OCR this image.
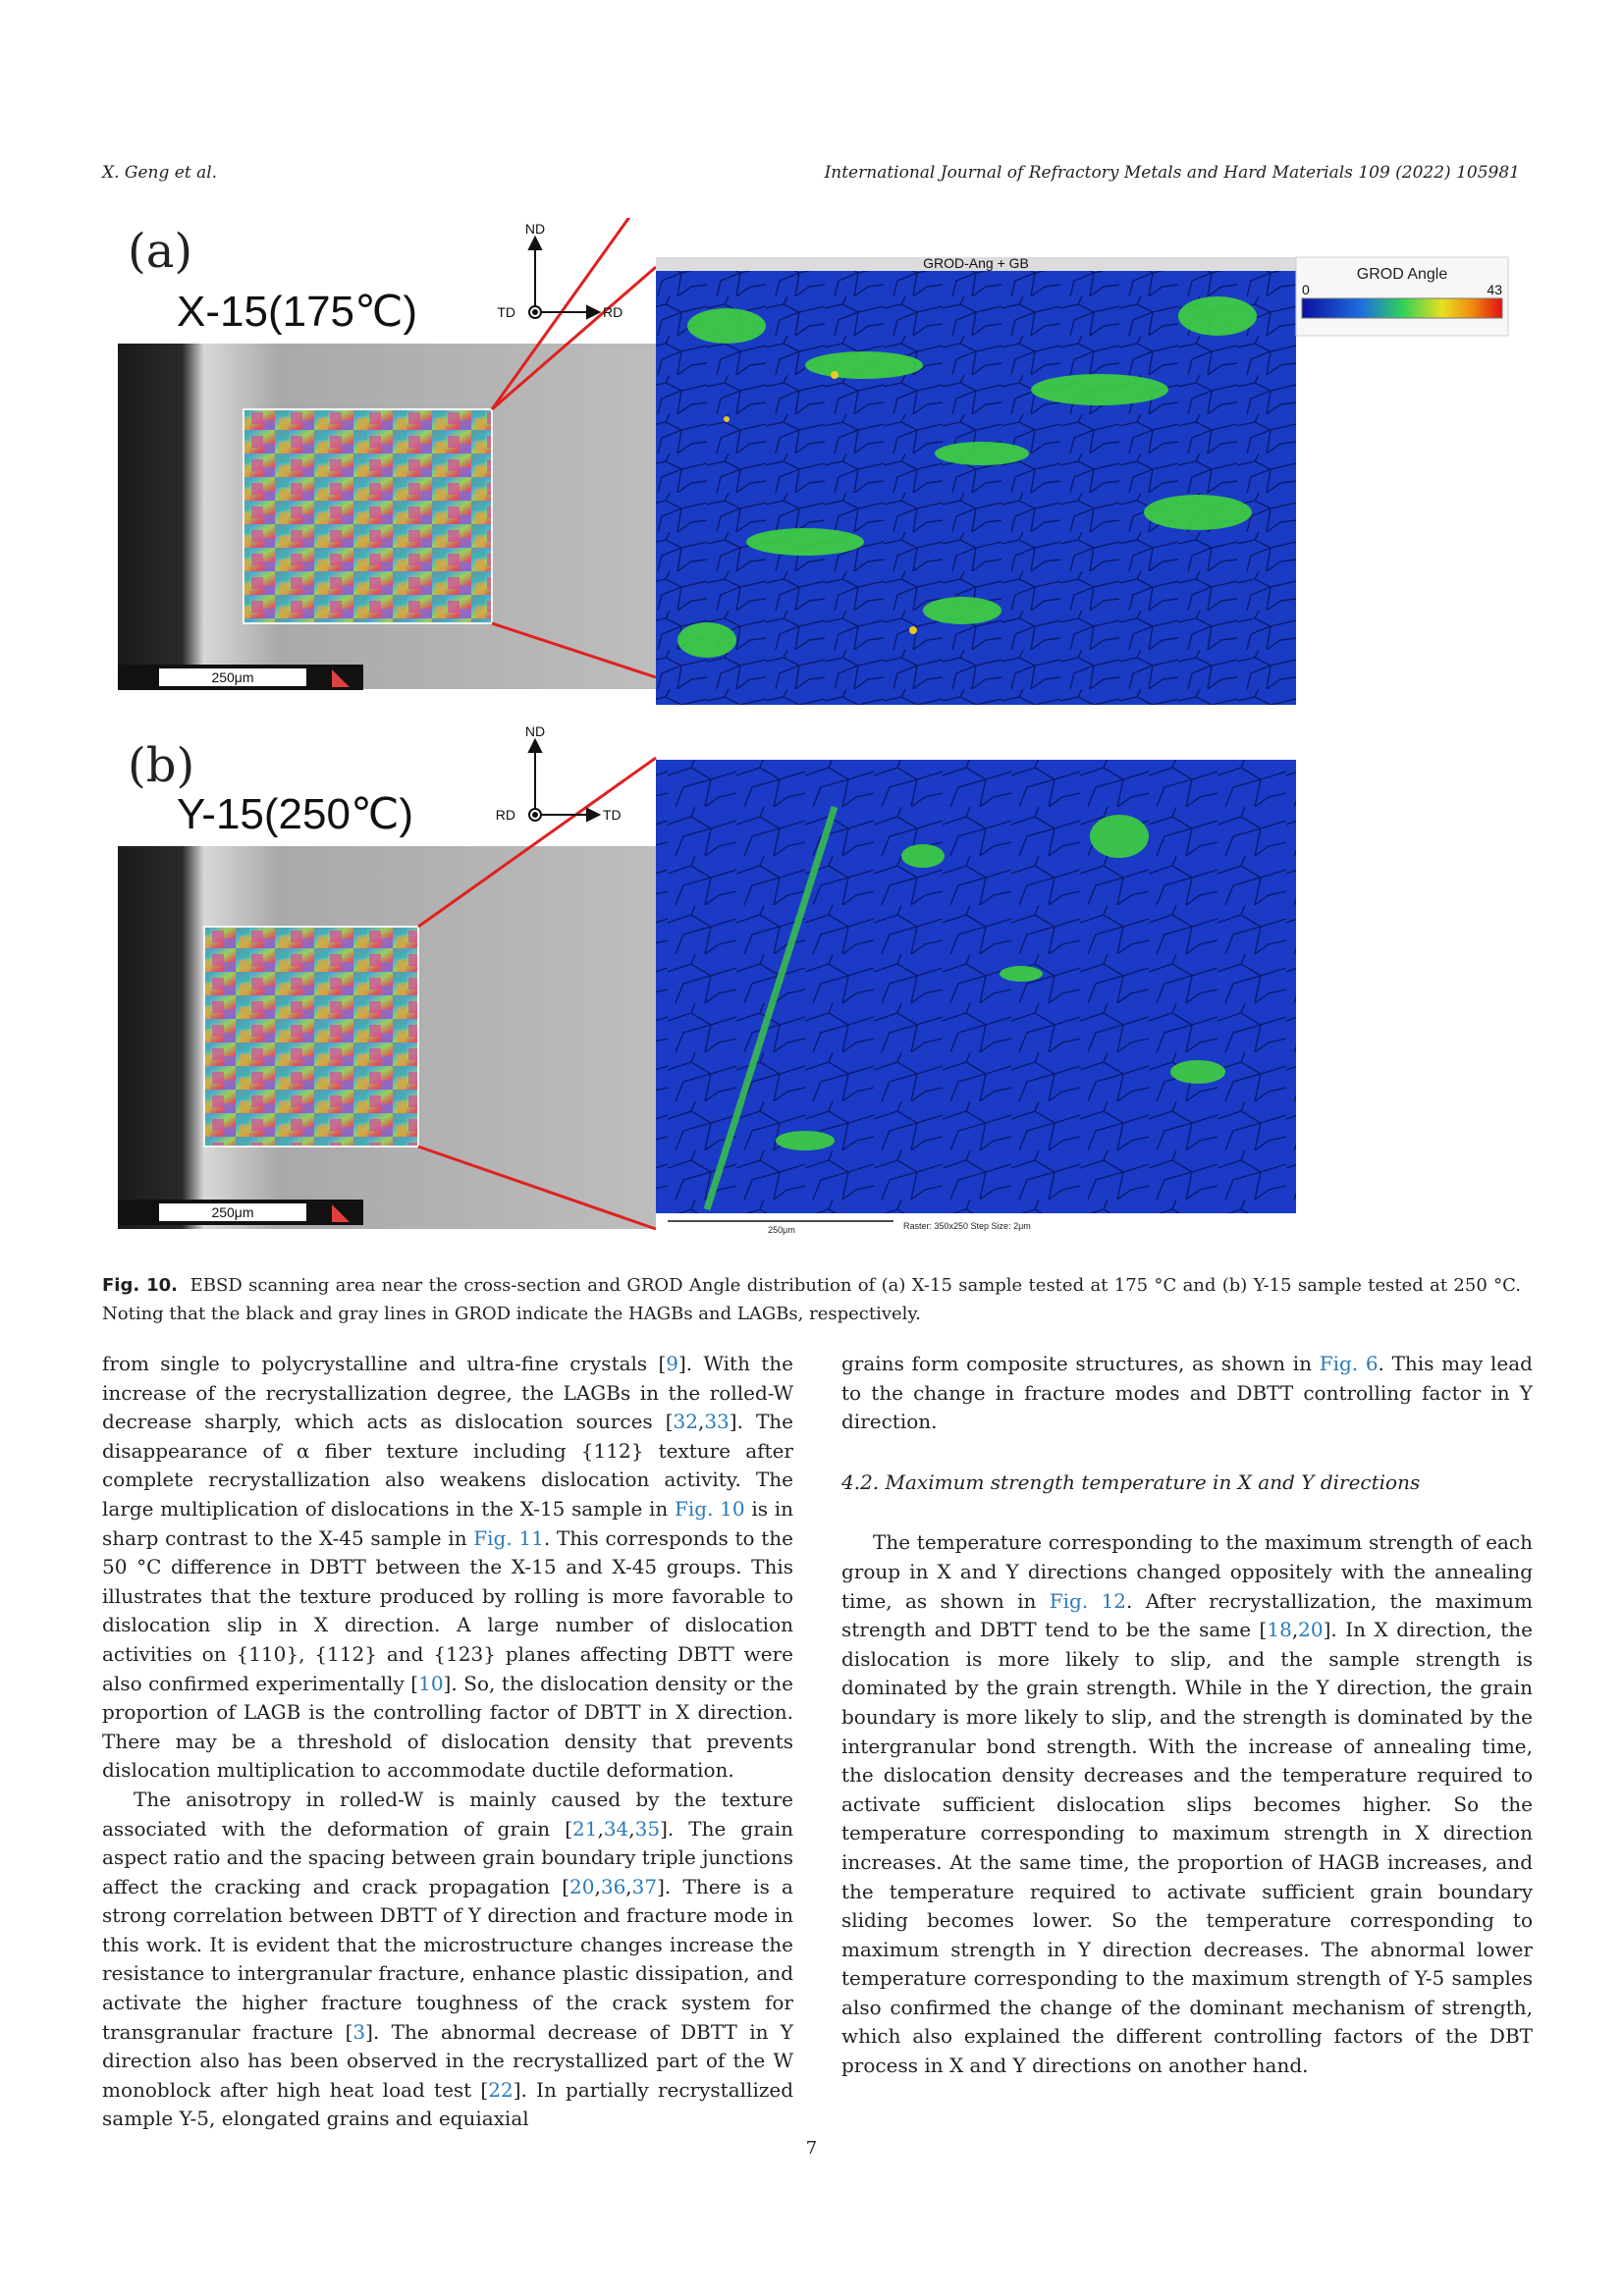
X. Geng et al.	International Journal of Refractory Metals and Hard Materials 109 (2022) 105981
GROD-Ang + GB
GROD Angle
0	43
ND
TD	RD
250μm
250μm	Raster: 350x250 Step Size: 2μm
ND
RD	TD
250μm
(a)
X-15(175℃)
(b)
Y-15(250℃)
Fig. 10. EBSD scanning area near the cross-section and GROD Angle distribution of (a) X-15 sample tested at 175 °C and (b) Y-15 sample tested at 250 °C. Noting that the black and gray lines in GROD indicate the HAGBs and LAGBs, respectively.

from single to polycrystalline and ultra-fine crystals [9]. With the increase of the recrystallization degree, the LAGBs in the rolled-W decrease sharply, which acts as dislocation sources [32,33]. The disappearance of α fiber texture including {112} texture after complete recrystallization also weakens dislocation activity. The large multiplication of dislocations in the X-15 sample in Fig. 10 is in sharp contrast to the X-45 sample in Fig. 11. This corresponds to the 50 °C difference in DBTT between the X-15 and X-45 groups. This illustrates that the texture produced by rolling is more favorable to dislocation slip in X direction. A large number of dislocation activities on {110}, {112} and {123} planes affecting DBTT were also confirmed experimentally [10]. So, the dislocation density or the proportion of LAGB is the controlling factor of DBTT in X direction. There may be a threshold of dislocation density that prevents dislocation multiplication to accommodate ductile deformation.

The anisotropy in rolled-W is mainly caused by the texture associated with the deformation of grain [21,34,35]. The grain aspect ratio and the spacing between grain boundary triple junctions affect the cracking and crack propagation [20,36,37]. There is a strong correlation between DBTT of Y direction and fracture mode in this work. It is evident that the microstructure changes increase the resistance to intergranular fracture, enhance plastic dissipation, and activate the higher fracture toughness of the crack system for transgranular fracture [3]. The abnormal decrease of DBTT in Y direction also has been observed in the recrystallized part of the W monoblock after high heat load test [22]. In partially recrystallized sample Y-5, elongated grains and equiaxial

grains form composite structures, as shown in Fig. 6. This may lead to the change in fracture modes and DBTT controlling factor in Y direction.

4.2. Maximum strength temperature in X and Y directions

The temperature corresponding to the maximum strength of each group in X and Y directions changed oppositely with the annealing time, as shown in Fig. 12. After recrystallization, the maximum strength and DBTT tend to be the same [18,20]. In X direction, the dislocation is more likely to slip, and the sample strength is dominated by the grain strength. While in the Y direction, the grain boundary is more likely to slip, and the strength is dominated by the intergranular bond strength. With the increase of annealing time, the dislocation density decreases and the temperature required to activate sufficient dislocation slips becomes higher. So the temperature corresponding to maximum strength in X direction increases. At the same time, the proportion of HAGB increases, and the temperature required to activate sufficient grain boundary sliding becomes lower. So the temperature corresponding to maximum strength in Y direction decreases. The abnormal lower temperature corresponding to the maximum strength of Y-5 samples also confirmed the change of the dominant mechanism of strength, which also explained the different controlling factors of the DBT process in X and Y directions on another hand.

7
